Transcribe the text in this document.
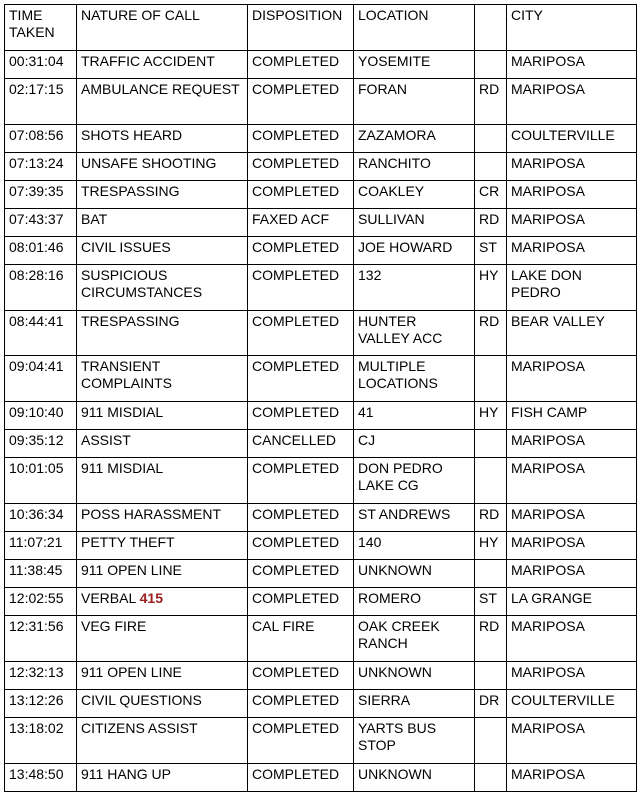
TIME TAKEN	NATURE OF CALL	DISPOSITION	LOCATION		CITY
00:31:04	TRAFFIC ACCIDENT	COMPLETED	YOSEMITE		MARIPOSA
02:17:15	AMBULANCE REQUEST	COMPLETED	FORAN	RD	MARIPOSA
07:08:56	SHOTS HEARD	COMPLETED	ZAZAMORA		COULTERVILLE
07:13:24	UNSAFE SHOOTING	COMPLETED	RANCHITO		MARIPOSA
07:39:35	TRESPASSING	COMPLETED	COAKLEY	CR	MARIPOSA
07:43:37	BAT	FAXED ACF	SULLIVAN	RD	MARIPOSA
08:01:46	CIVIL ISSUES	COMPLETED	JOE HOWARD	ST	MARIPOSA
08:28:16	SUSPICIOUS CIRCUMSTANCES	COMPLETED	132	HY	LAKE DON PEDRO
08:44:41	TRESPASSING	COMPLETED	HUNTER VALLEY ACC	RD	BEAR VALLEY
09:04:41	TRANSIENT COMPLAINTS	COMPLETED	MULTIPLE LOCATIONS		MARIPOSA
09:10:40	911 MISDIAL	COMPLETED	41	HY	FISH CAMP
09:35:12	ASSIST	CANCELLED	CJ		MARIPOSA
10:01:05	911 MISDIAL	COMPLETED	DON PEDRO LAKE CG		MARIPOSA
10:36:34	POSS HARASSMENT	COMPLETED	ST ANDREWS	RD	MARIPOSA
11:07:21	PETTY THEFT	COMPLETED	140	HY	MARIPOSA
11:38:45	911 OPEN LINE	COMPLETED	UNKNOWN		MARIPOSA
12:02:55	VERBAL 415	COMPLETED	ROMERO	ST	LA GRANGE
12:31:56	VEG FIRE	CAL FIRE	OAK CREEK RANCH	RD	MARIPOSA
12:32:13	911 OPEN LINE	COMPLETED	UNKNOWN		MARIPOSA
13:12:26	CIVIL QUESTIONS	COMPLETED	SIERRA	DR	COULTERVILLE
13:18:02	CITIZENS ASSIST	COMPLETED	YARTS BUS STOP		MARIPOSA
13:48:50	911 HANG UP	COMPLETED	UNKNOWN		MARIPOSA
